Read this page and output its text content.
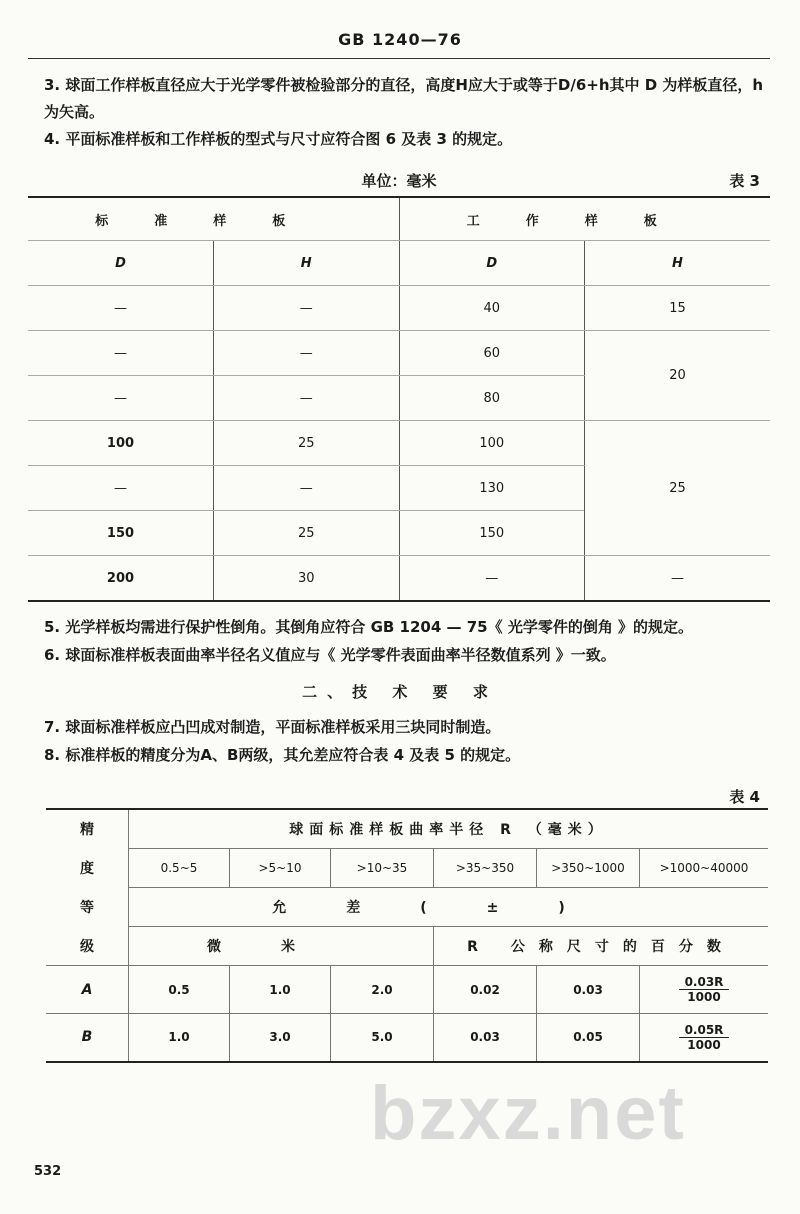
GB 1240—76
3. 球面工作样板直径应大于光学零件被检验部分的直径，高度H应大于或等于D/6+h其中 D 为样板直径，h为矢高。
4. 平面标准样板和工作样板的型式与尺寸应符合图 6 及表 3 的规定。
单位：毫米	表 3
标准样板		工作样板	
D	H	D	H
—	—	40	15
—	—	60	20
—	—	80	
100	25	100	25
—	—	130	
150	25	150	
200	30	—	—
5. 光学样板均需进行保护性倒角。其倒角应符合 GB 1204 — 75《 光学零件的倒角 》的规定。
6. 球面标准样板表面曲率半径名义值应与《 光学零件表面曲率半径数值系列 》一致。
二、技 术 要 求
7. 球面标准样板应凸凹成对制造，平面标准样板采用三块同时制造。
8. 标准样板的精度分为A、B两级，其允差应符合表 4 及表 5 的规定。
表 4
精	球面标准样板曲率半径 R （毫米）					
度	0.5~5	>5~10	>10~35	>35~350	>350~1000	>1000~40000
等	允差(±)					
级	微米			R 公称尺寸的百分数		
A	0.5	1.0	2.0	0.02	0.03	$\frac{0.03R}{1000}$

B	1.0	3.0	5.0	0.03	0.05	$\frac{0.05R}{1000}$
bzxz.net
532
